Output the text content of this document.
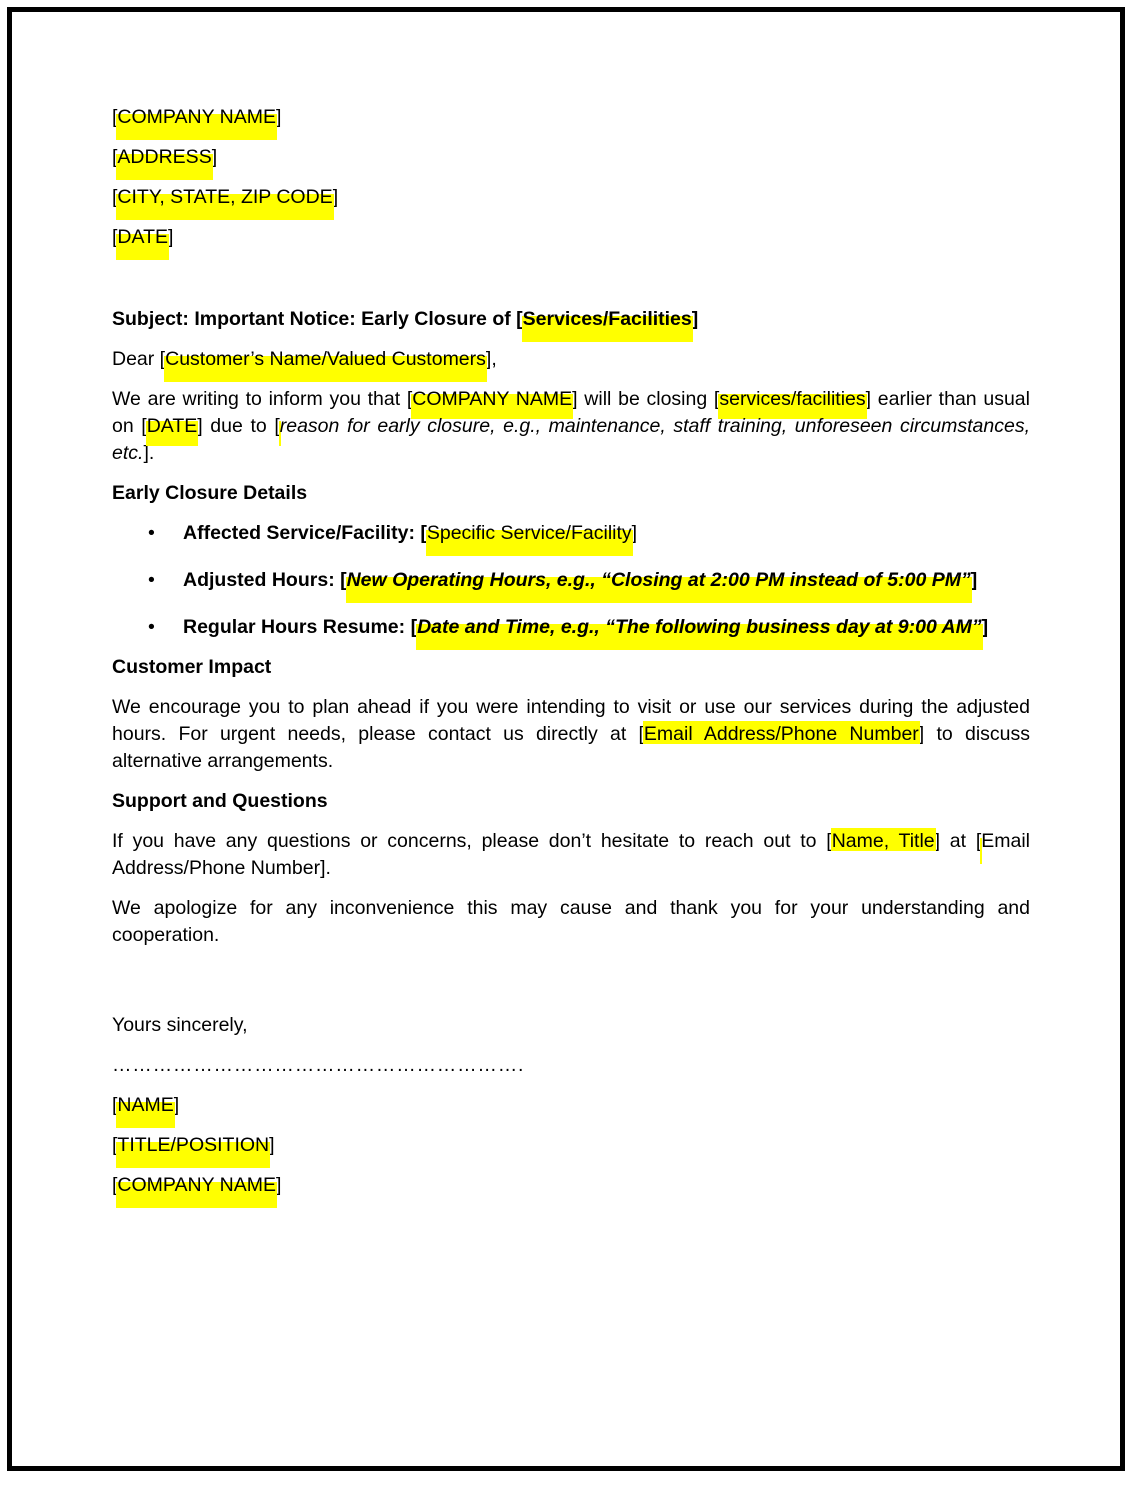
[COMPANY NAME]

[ADDRESS]

[CITY, STATE, ZIP CODE]

[DATE]

Subject: Important Notice: Early Closure of [Services/Facilities]

Dear [Customer’s Name/Valued Customers],

We are writing to inform you that [COMPANY NAME] will be closing [services/facilities] earlier than usual on [DATE] due to [reason for early closure, e.g., maintenance, staff training, unforeseen circumstances, etc.].

Early Closure Details

• Affected Service/Facility: [Specific Service/Facility]
• Adjusted Hours: [New Operating Hours, e.g., “Closing at 2:00 PM instead of 5:00 PM”]
• Regular Hours Resume: [Date and Time, e.g., “The following business day at 9:00 AM”]

Customer Impact

We encourage you to plan ahead if you were intending to visit or use our services during the adjusted hours. For urgent needs, please contact us directly at [Email Address/Phone Number] to discuss alternative arrangements.

Support and Questions

If you have any questions or concerns, please don’t hesitate to reach out to [Name, Title] at [Email Address/Phone Number].

We apologize for any inconvenience this may cause and thank you for your understanding and cooperation.

Yours sincerely,

…………………………………………………….

[NAME]

[TITLE/POSITION]

[COMPANY NAME]
